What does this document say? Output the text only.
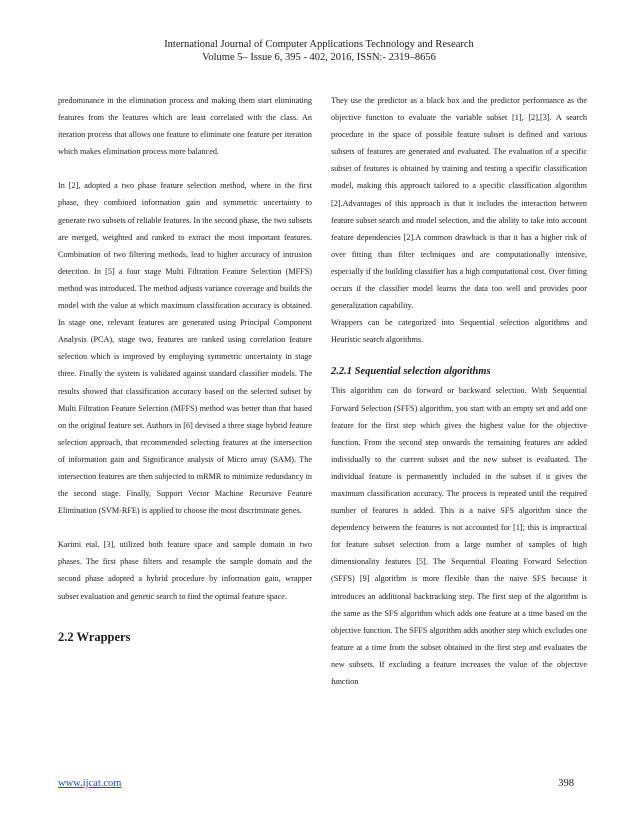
International Journal of Computer Applications Technology and Research
Volume 5– Issue 6, 395 - 402, 2016, ISSN:- 2319–8656

predominance in the elimination process and making them start eliminating features from the features which are least correlated with the class. An iteration process that allows one feature to eliminate one feature per iteration which makes elimination process more balanced.

In [2], adopted a two phase feature selection method, where in the first phase, they combined information gain and symmetric uncertainty to generate two subsets of reliable features. In the second phase, the two subsets are merged, weighted and ranked to extract the most important features. Combination of two filtering methods, lead to higher accuracy of intrusion detection. In [5] a four stage Multi Filtration Feature Selection (MFFS) method was introduced. The method adjusts variance coverage and builds the model with the value at which maximum classification accuracy is obtained. In stage one, relevant features are generated using Principal Component Analysis (PCA), stage two, features are ranked using correlation feature selection which is improved by employing symmetric uncertainty in stage three. Finally the system is validated against standard classifier models. The results showed that classification accuracy based on the selected subset by Multi Filtration Feature Selection (MFFS) method was better than that based on the original feature set. Authors in [6] devised a three stage hybrid feature selection approach, that recommended selecting features at the intersection of information gain and Significance analysis of Micro array (SAM). The intersection features are then subjected to mRMR to minimize redundancy in the second stage. Finally, Support Vector Machine Recursive Feature Elimination (SVM-RFE) is applied to choose the most discriminate genes.

Karimi etal. [3], utilized both feature space and sample domain in two phases. The first phase filters and resample the sample domain and the second phase adopted a hybrid procedure by information gain, wrapper subset evaluation and genetic search to find the optimal feature space.

2.2 Wrappers

They use the predictor as a black box and the predictor performance as the objective function to evaluate the variable subset [1], [2],[3]. A search procedure in the space of possible feature subset is defined and various subsets of features are generated and evaluated. The evaluation of a specific subset of features is obtained by training and testing a specific classification model, making this approach tailored to a specific classification algorithm [2].Advantages of this approach is that it includes the interaction between feature subset search and model selection, and the ability to take into account feature dependencies [2].A common drawback is that it has a higher risk of over fitting than filter techniques and are computationally intensive, especially if the building classifier has a high computational cost. Over fitting occurs if the classifier model learns the data too well and provides poor generalization capability.

Wrappers can be categorized into Sequential selection algorithms and Heuristic search algorithms.

2.2.1 Sequential selection algorithms

This algorithm can do forward or backward selection. With Sequential Forward Selection (SFFS) algorithm, you start with an empty set and add one feature for the first step which gives the highest value for the objective function. From the second step onwards the remaining features are added individually to the current subset and the new subset is evaluated. The individual feature is permanently included in the subset if it gives the maximum classification accuracy. The process is repeated until the required number of features is added. This is a naive SFS algorithm since the dependency between the features is not accounted for [1]; this is impractical for feature subset selection from a large number of samples of high dimensionality features [5]. The Sequential Floating Forward Selection (SFFS) [9] algorithm is more flexible than the naive SFS because it introduces an additional backtracking step. The first step of the algorithm is the same as the SFS algorithm which adds one feature at a time based on the objective function. The SFFS algorithm adds another step which excludes one feature at a time from the subset obtained in the first step and evaluates the new subsets. If excluding a feature increases the value of the objective function

www.ijcat.com	398
